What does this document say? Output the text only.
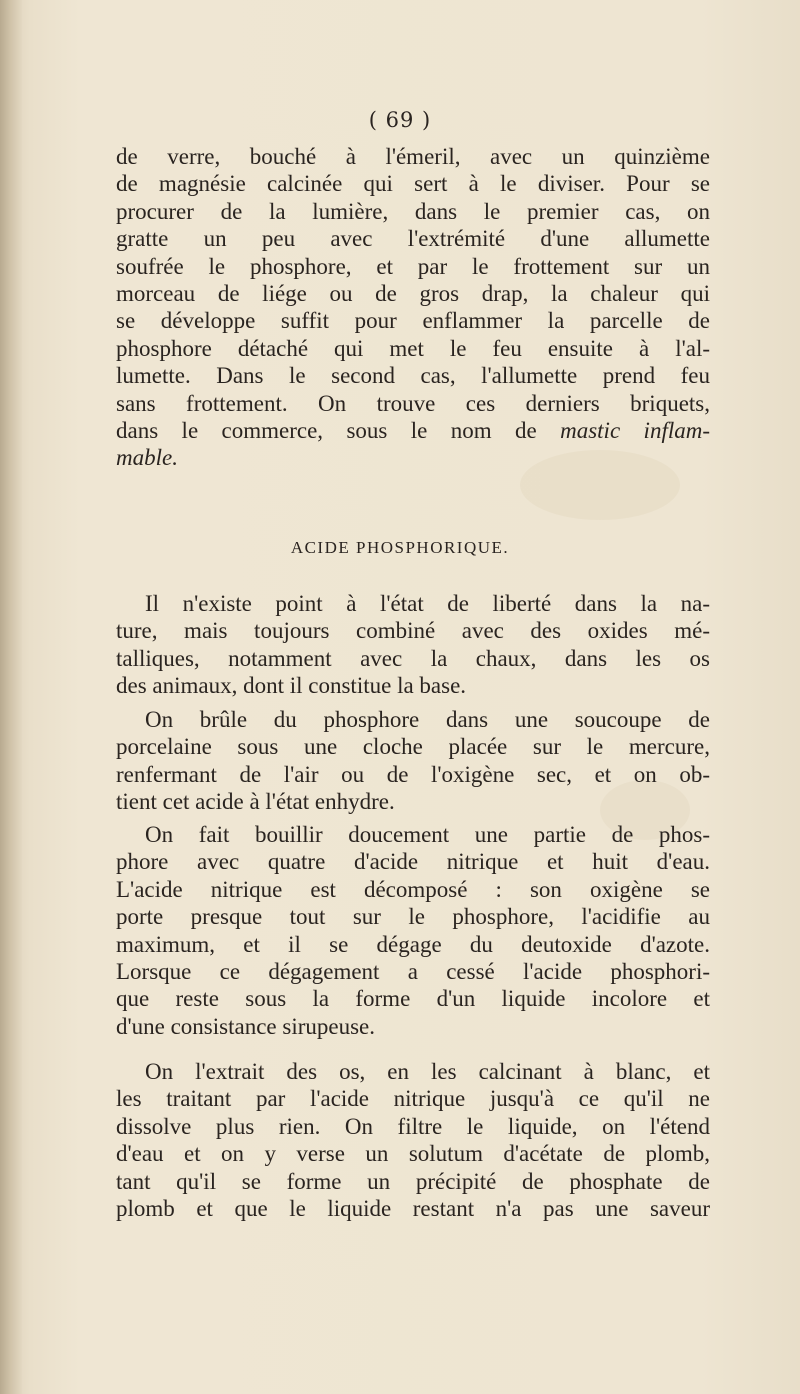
( 69 )
de verre, bouché à l'émeril, avec un quinzième
de magnésie calcinée qui sert à le diviser. Pour se
procurer de la lumière, dans le premier cas, on
gratte un peu avec l'extrémité d'une allumette
soufrée le phosphore, et par le frottement sur un
morceau de liége ou de gros drap, la chaleur qui
se développe suffit pour enflammer la parcelle de
phosphore détaché qui met le feu ensuite à l'al-
lumette. Dans le second cas, l'allumette prend feu
sans frottement. On trouve ces derniers briquets,
dans le commerce, sous le nom de mastic inflam-
mable.
ACIDE PHOSPHORIQUE.
Il n'existe point à l'état de liberté dans la na-
ture, mais toujours combiné avec des oxides mé-
talliques, notamment avec la chaux, dans les os
des animaux, dont il constitue la base.
On brûle du phosphore dans une soucoupe de
porcelaine sous une cloche placée sur le mercure,
renfermant de l'air ou de l'oxigène sec, et on ob-
tient cet acide à l'état enhydre.
On fait bouillir doucement une partie de phos-
phore avec quatre d'acide nitrique et huit d'eau.
L'acide nitrique est décomposé : son oxigène se
porte presque tout sur le phosphore, l'acidifie au
maximum, et il se dégage du deutoxide d'azote.
Lorsque ce dégagement a cessé l'acide phosphori-
que reste sous la forme d'un liquide incolore et
d'une consistance sirupeuse.
On l'extrait des os, en les calcinant à blanc, et
les traitant par l'acide nitrique jusqu'à ce qu'il ne
dissolve plus rien. On filtre le liquide, on l'étend
d'eau et on y verse un solutum d'acétate de plomb,
tant qu'il se forme un précipité de phosphate de
plomb et que le liquide restant n'a pas une saveur
